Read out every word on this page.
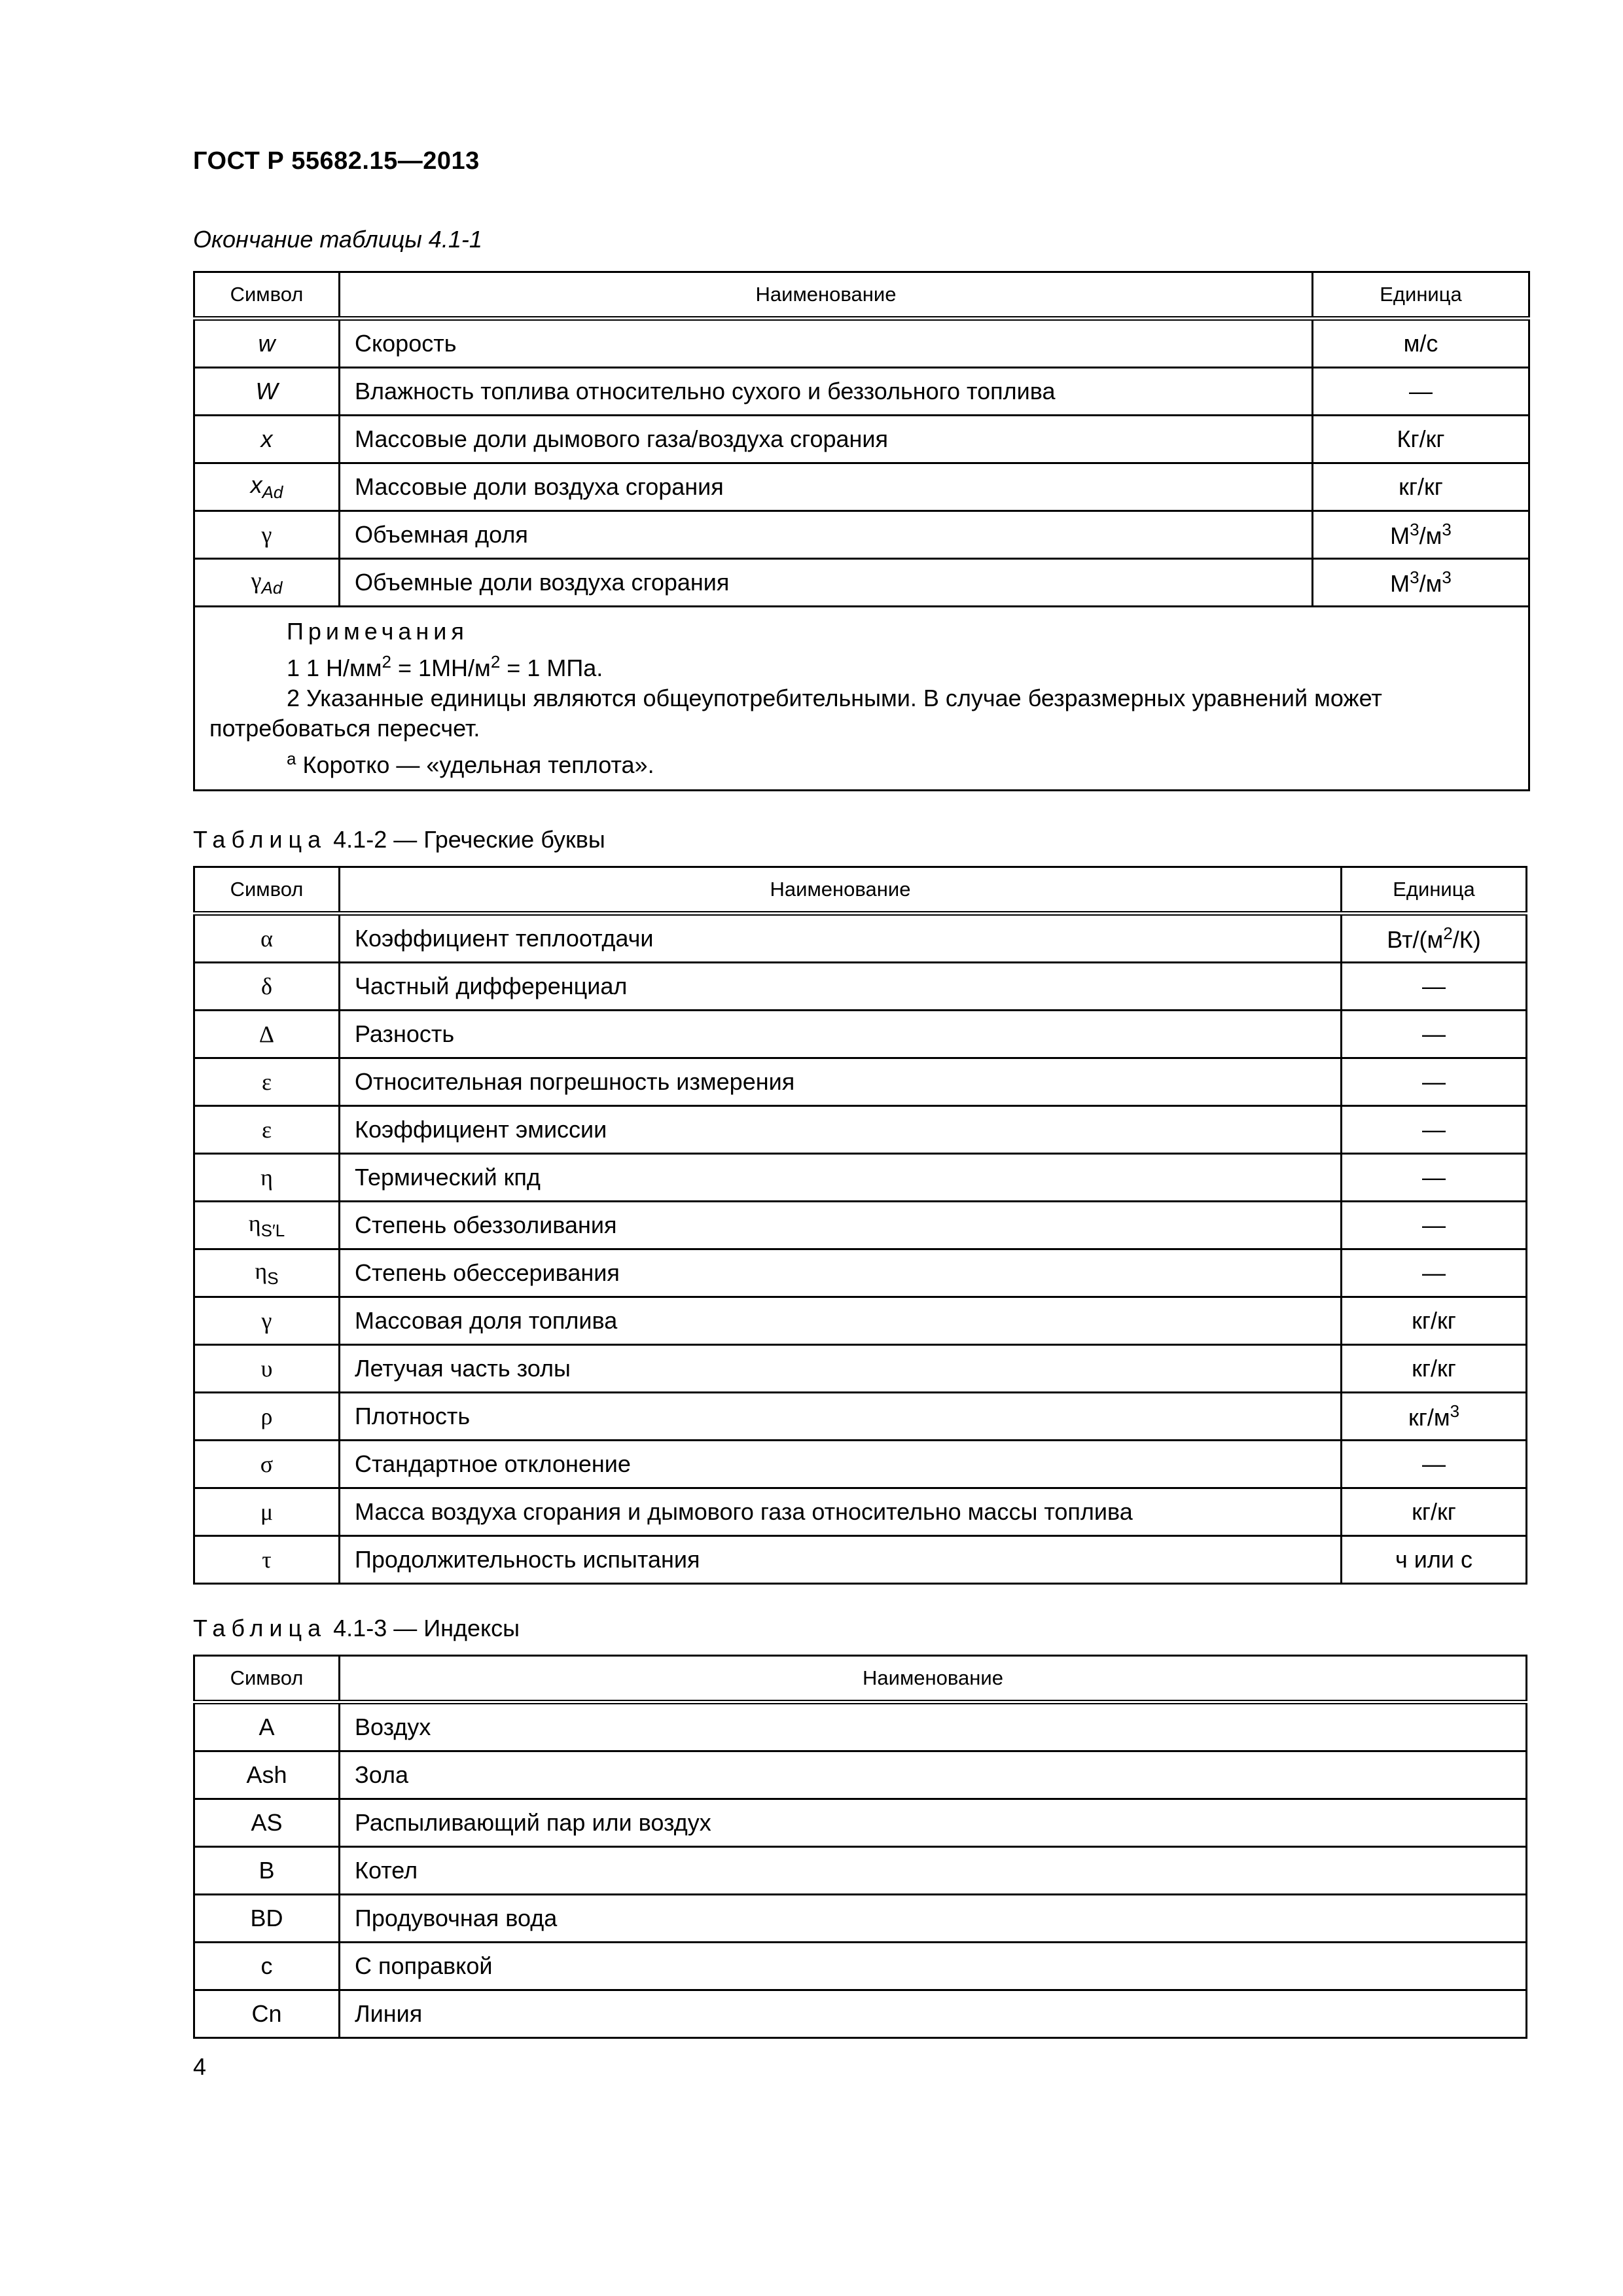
ГОСТ Р 55682.15—2013
Окончание таблицы 4.1-1
Символ	Наименование	Единица
w	Скорость	м/с
W	Влажность топлива относительно сухого и беззольного топлива	—
x	Массовые доли дымового газа/воздуха сгорания	Кг/кг
$x_{Ad}$	Массовые доли воздуха сгорания	кг/кг
γ	Объемная доля	$М^3/м^3$
$\gamma_{Ad}$	Объемные доли воздуха сгорания	$М^3/м^3$

Примечания
1 1 $Н/мм^2 = 1МН/м^2 = 1$ МПа.
2 Указанные единицы являются общеупотребительными. В случае безразмерных уравнений может потребоваться пересчет.
$^а$ Коротко — «удельная теплота».		
Таблица 4.1-2 — Греческие буквы
Символ	Наименование	Единица
α	Коэффициент теплоотдачи	$Вт/(м^2/К)$
δ	Частный дифференциал	—
Δ	Разность	—
ε	Относительная погрешность измерения	—
ε	Коэффициент эмиссии	—
η	Термический кпд	—
$\eta_{S'L}$	Степень обеззоливания	—
$\eta_S$	Степень обессеривания	—
γ	Массовая доля топлива	кг/кг
υ	Летучая часть золы	кг/кг
ρ	Плотность	$кг/м^3$
σ	Стандартное отклонение	—
μ	Масса воздуха сгорания и дымового газа относительно массы топлива	кг/кг
τ	Продолжительность испытания	ч или с
Таблица 4.1-3 — Индексы
Символ	Наименование
A	Воздух
Ash	Зола
AS	Распыливающий пар или воздух
B	Котел
BD	Продувочная вода
c	С поправкой
Cn	Линия
4
